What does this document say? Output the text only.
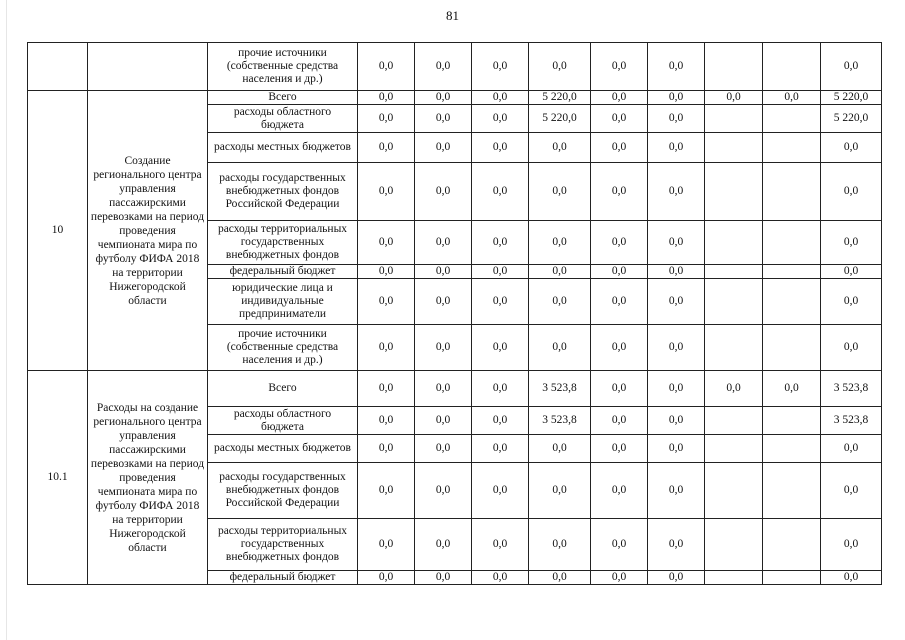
81
		прочие источники (собственные средства населения и др.)	0,0	0,0	0,0	0,0	0,0	0,0			0,0
10	Создание регионального центра управления пассажирскими перевозками на период проведения чемпионата мира по футболу ФИФА 2018 на территории Нижегородской области	Всего	0,0	0,0	0,0	5 220,0	0,0	0,0	0,0	0,0	5 220,0
		расходы областного бюджета	0,0	0,0	0,0	5 220,0	0,0	0,0			5 220,0
		расходы местных бюджетов	0,0	0,0	0,0	0,0	0,0	0,0			0,0
		расходы государственных внебюджетных фондов Российской Федерации	0,0	0,0	0,0	0,0	0,0	0,0			0,0
		расходы территориальных государственных внебюджетных фондов	0,0	0,0	0,0	0,0	0,0	0,0			0,0
		федеральный бюджет	0,0	0,0	0,0	0,0	0,0	0,0			0,0
		юридические лица и индивидуальные предприниматели	0,0	0,0	0,0	0,0	0,0	0,0			0,0
		прочие источники (собственные средства населения и др.)	0,0	0,0	0,0	0,0	0,0	0,0			0,0
10.1	Расходы на создание регионального центра управления пассажирскими перевозками на период проведения чемпионата мира по футболу ФИФА 2018 на территории Нижегородской области	Всего	0,0	0,0	0,0	3 523,8	0,0	0,0	0,0	0,0	3 523,8
		расходы областного бюджета	0,0	0,0	0,0	3 523,8	0,0	0,0			3 523,8
		расходы местных бюджетов	0,0	0,0	0,0	0,0	0,0	0,0			0,0
		расходы государственных внебюджетных фондов Российской Федерации	0,0	0,0	0,0	0,0	0,0	0,0			0,0
		расходы территориальных государственных внебюджетных фондов	0,0	0,0	0,0	0,0	0,0	0,0			0,0
		федеральный бюджет	0,0	0,0	0,0	0,0	0,0	0,0			0,0
